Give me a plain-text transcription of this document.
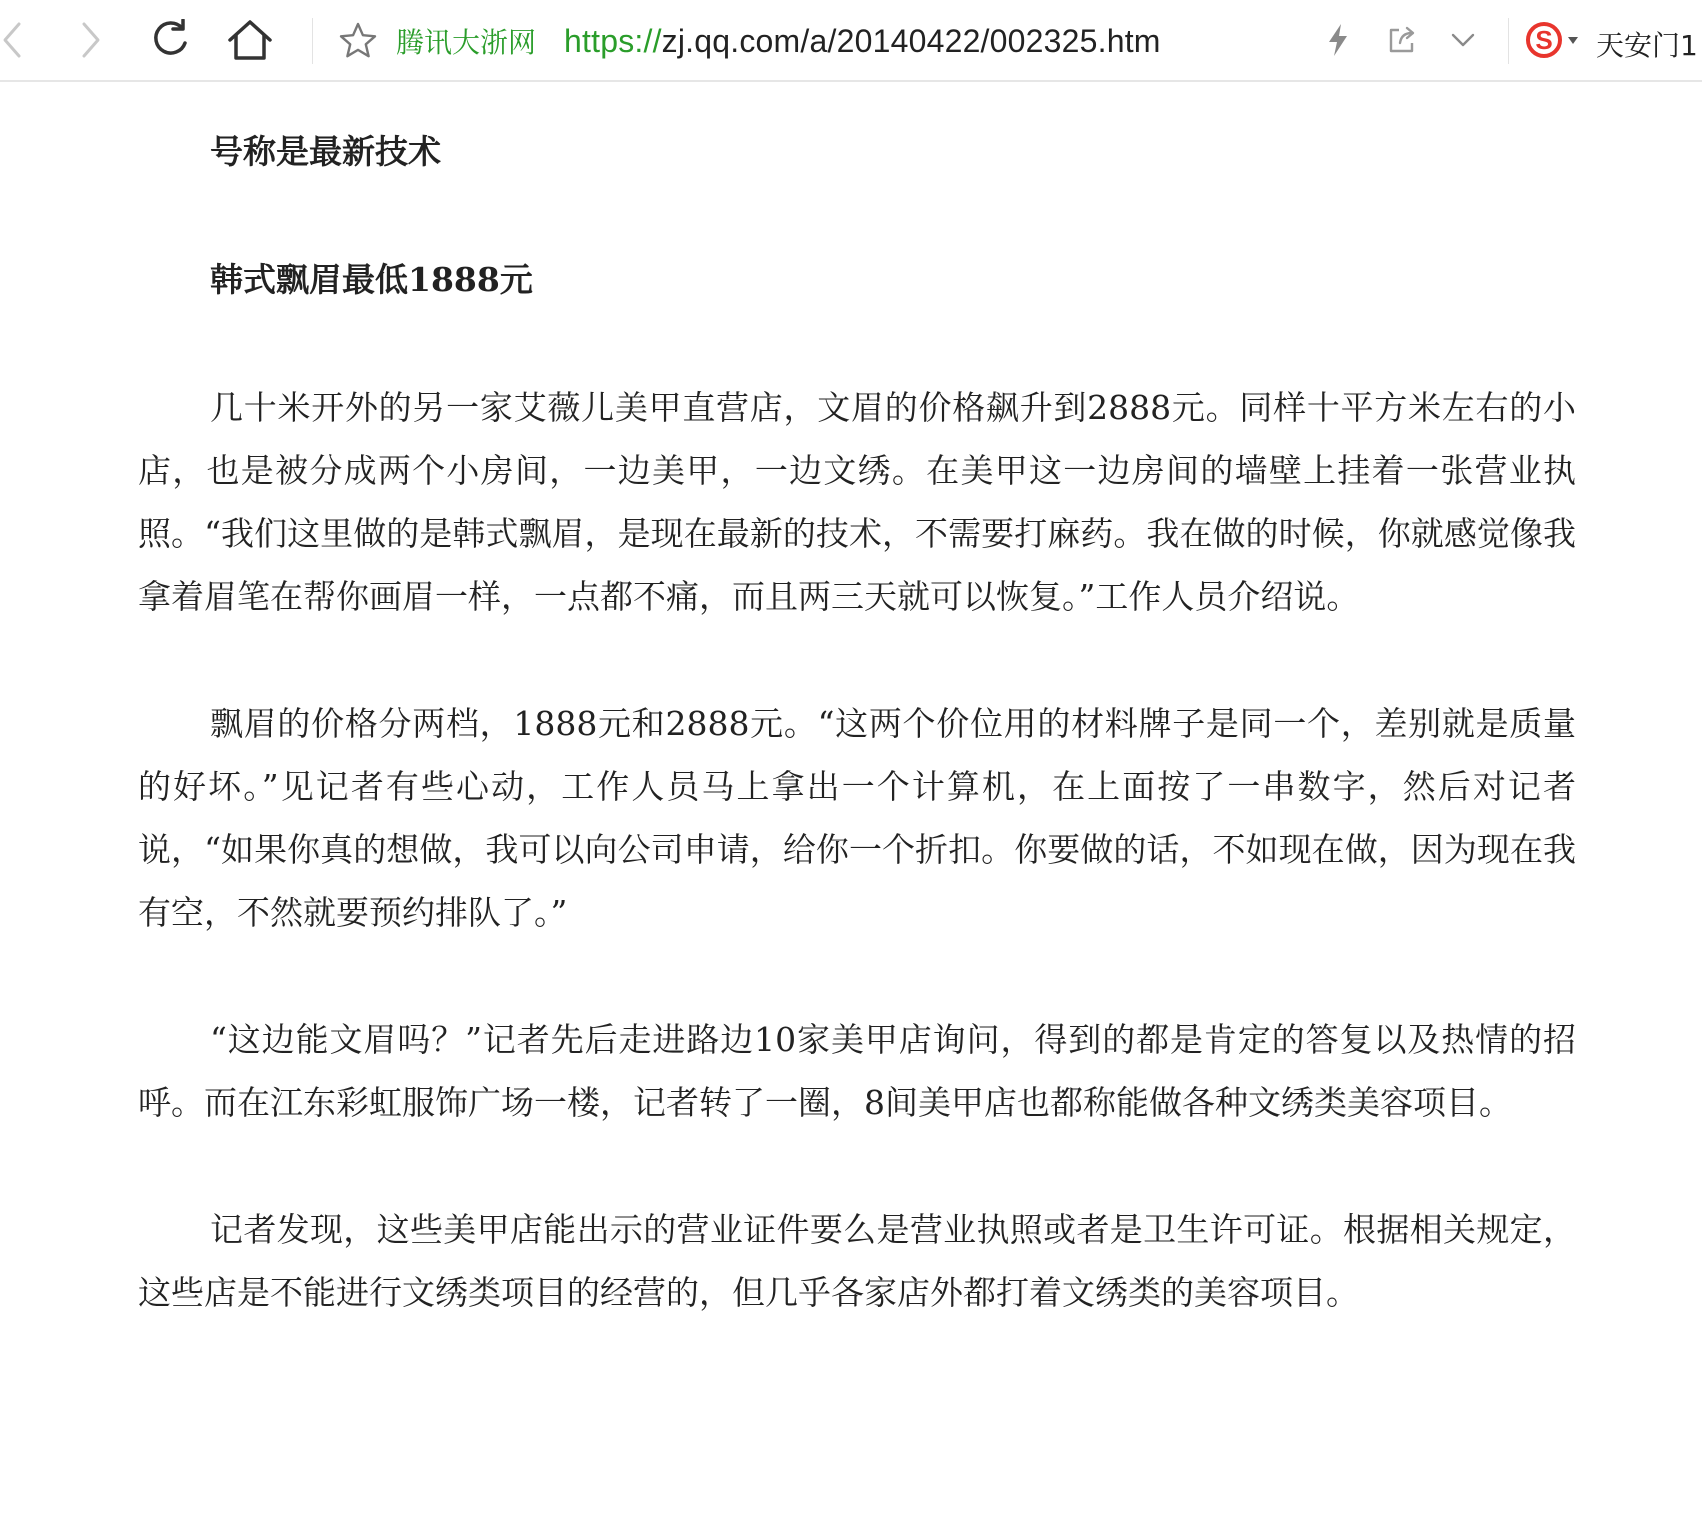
腾讯大浙网 https://zj.qq.com/a/20140422/002325.htm	S 天安门1

号称是最新技术

韩式飘眉最低1888元

几十米开外的另一家艾薇儿美甲直营店，文眉的价格飙升到2888元。同样十平方米左右的小店，也是被分成两个小房间，一边美甲，一边文绣。在美甲这一边房间的墙壁上挂着一张营业执照。“我们这里做的是韩式飘眉，是现在最新的技术，不需要打麻药。我在做的时候，你就感觉像我拿着眉笔在帮你画眉一样，一点都不痛，而且两三天就可以恢复。”工作人员介绍说。

飘眉的价格分两档，1888元和2888元。“这两个价位用的材料牌子是同一个，差别就是质量的好坏。”见记者有些心动，工作人员马上拿出一个计算机，在上面按了一串数字，然后对记者说，“如果你真的想做，我可以向公司申请，给你一个折扣。你要做的话，不如现在做，因为现在我有空，不然就要预约排队了。”

“这边能文眉吗？”记者先后走进路边10家美甲店询问，得到的都是肯定的答复以及热情的招呼。而在江东彩虹服饰广场一楼，记者转了一圈，8间美甲店也都称能做各种文绣类美容项目。

记者发现，这些美甲店能出示的营业证件要么是营业执照或者是卫生许可证。根据相关规定，这些店是不能进行文绣类项目的经营的，但几乎各家店外都打着文绣类的美容项目。
